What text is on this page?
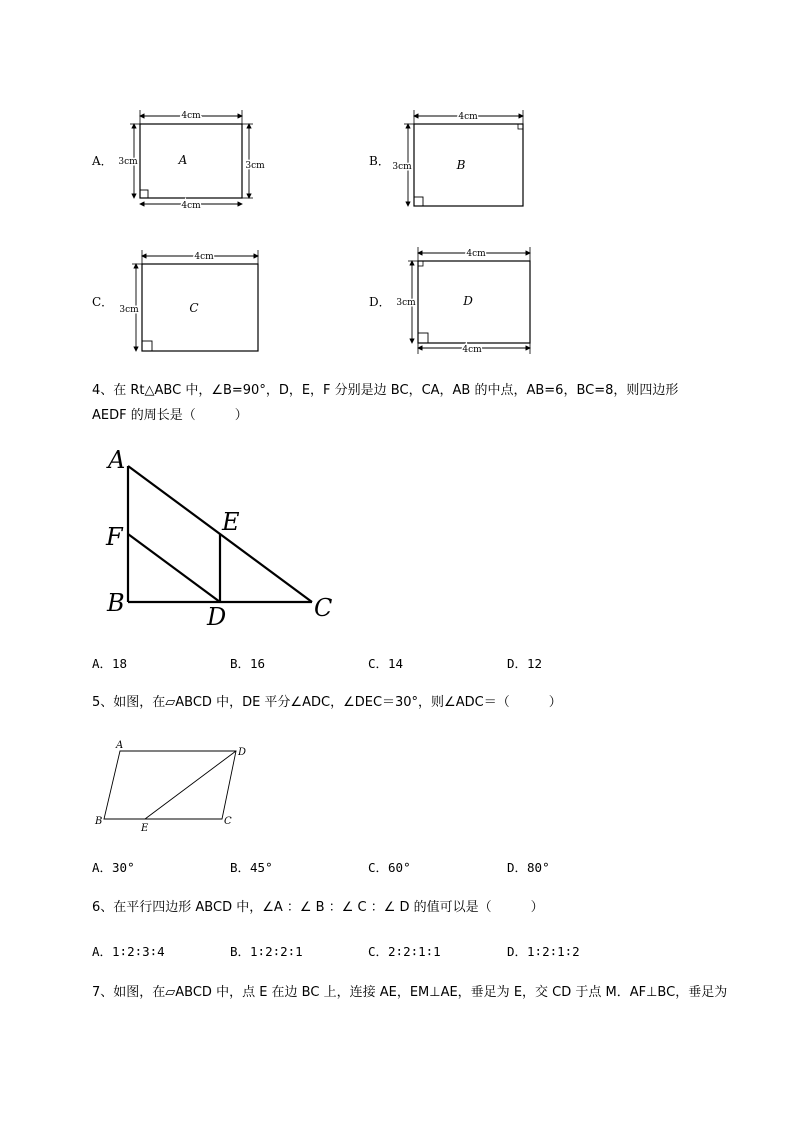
A．
4cm
4cm
3cm	3cm
A	B．
4cm
3cm	B
C．
4cm
3cm	C	D．
4cm
4cm
3cm	D
4、在 Rt△ABC 中，∠B=90°，D，E，F 分别是边 BC，CA，AB 的中点，AB=6，BC=8，则四边形
AEDF 的周长是（　　　）
A
F
E
B	D	C
A．18	B．16	C．14	D．12
5、如图，在▱ABCD 中，DE 平分∠ADC，∠DEC＝30°，则∠ADC＝（　　　）
A
D
B	C
E
A．30°	B．45°	C．60°	D．80°
6、在平行四边形 ABCD 中，∠A ：∠ B ：∠ C ：∠ D 的值可以是（　　　）
A．1∶2∶3∶4	B．1∶2∶2∶1	C．2∶2∶1∶1	D．1∶2∶1∶2
7、如图，在▱ABCD 中，点 E 在边 BC 上，连接 AE，EM⊥AE，垂足为 E，交 CD 于点 M．AF⊥BC，垂足为
